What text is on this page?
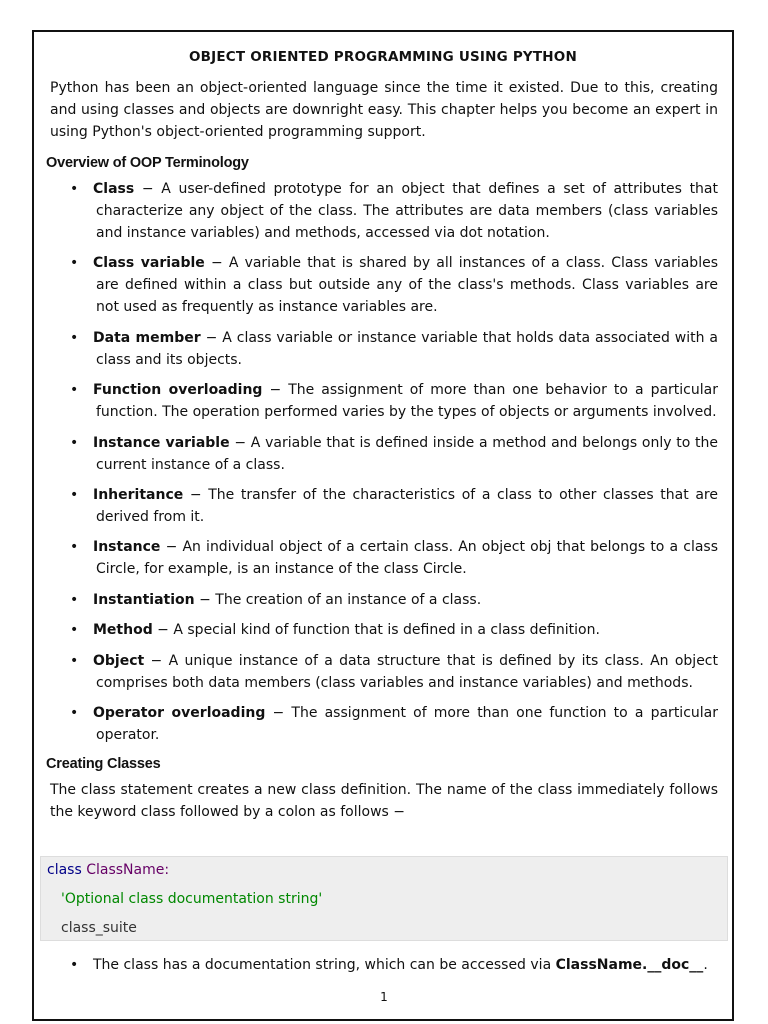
OBJECT ORIENTED PROGRAMMING USING PYTHON

Python has been an object-oriented language since the time it existed. Due to this, creating and using classes and objects are downright easy. This chapter helps you become an expert in using Python's object-oriented programming support.

Overview of OOP Terminology
• Class − A user-defined prototype for an object that defines a set of attributes that characterize any object of the class. The attributes are data members (class variables and instance variables) and methods, accessed via dot notation.
• Class variable − A variable that is shared by all instances of a class. Class variables are defined within a class but outside any of the class's methods. Class variables are not used as frequently as instance variables are.
• Data member − A class variable or instance variable that holds data associated with a class and its objects.
• Function overloading − The assignment of more than one behavior to a particular function. The operation performed varies by the types of objects or arguments involved.
• Instance variable − A variable that is defined inside a method and belongs only to the current instance of a class.
• Inheritance − The transfer of the characteristics of a class to other classes that are derived from it.
• Instance − An individual object of a certain class. An object obj that belongs to a class Circle, for example, is an instance of the class Circle.
• Instantiation − The creation of an instance of a class.
• Method − A special kind of function that is defined in a class definition.
• Object − A unique instance of a data structure that is defined by its class. An object comprises both data members (class variables and instance variables) and methods.
• Operator overloading − The assignment of more than one function to a particular operator.
Creating Classes

The class statement creates a new class definition. The name of the class immediately follows the keyword class followed by a colon as follows −

class ClassName:
'Optional class documentation string'
class_suite
• The class has a documentation string, which can be accessed via ClassName.__doc__.
1
